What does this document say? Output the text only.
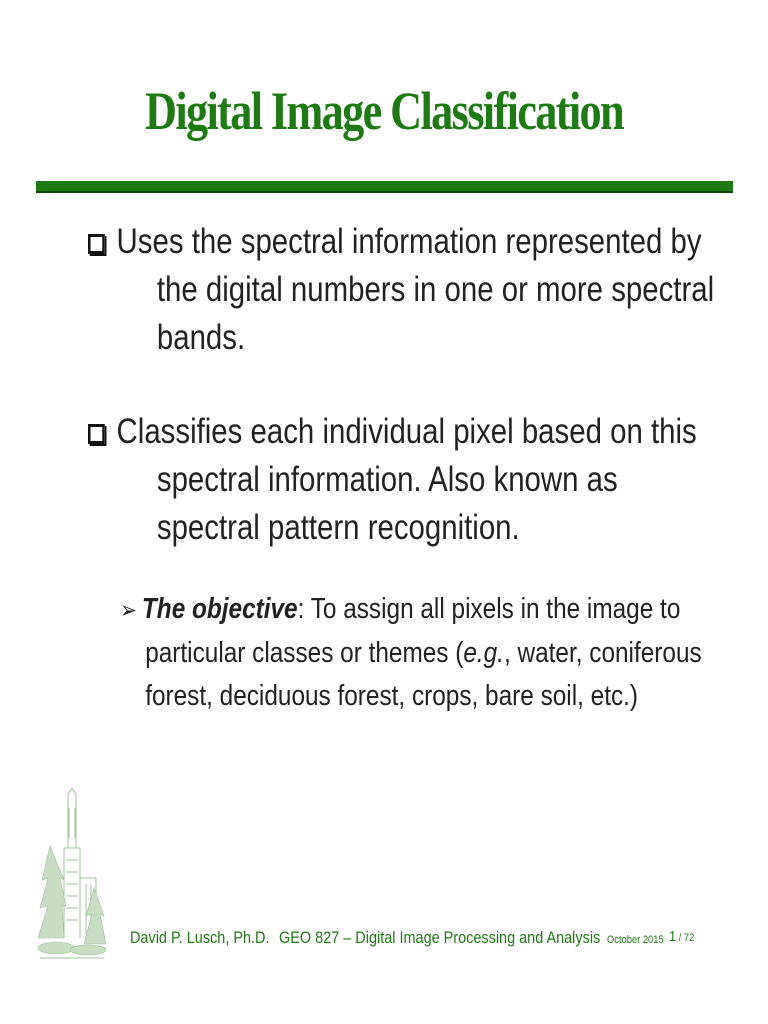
Digital Image Classification
Uses the spectral information represented by
the digital numbers in one or more spectral
bands.
Classifies each individual pixel based on this
spectral information. Also known as
spectral pattern recognition.
➢ The objective: To assign all pixels in the image to
particular classes or themes (e.g., water, coniferous
forest, deciduous forest, crops, bare soil, etc.)
David P. Lusch, Ph.D. GEO 827 – Digital Image Processing and Analysis October 2015 1 / 72
